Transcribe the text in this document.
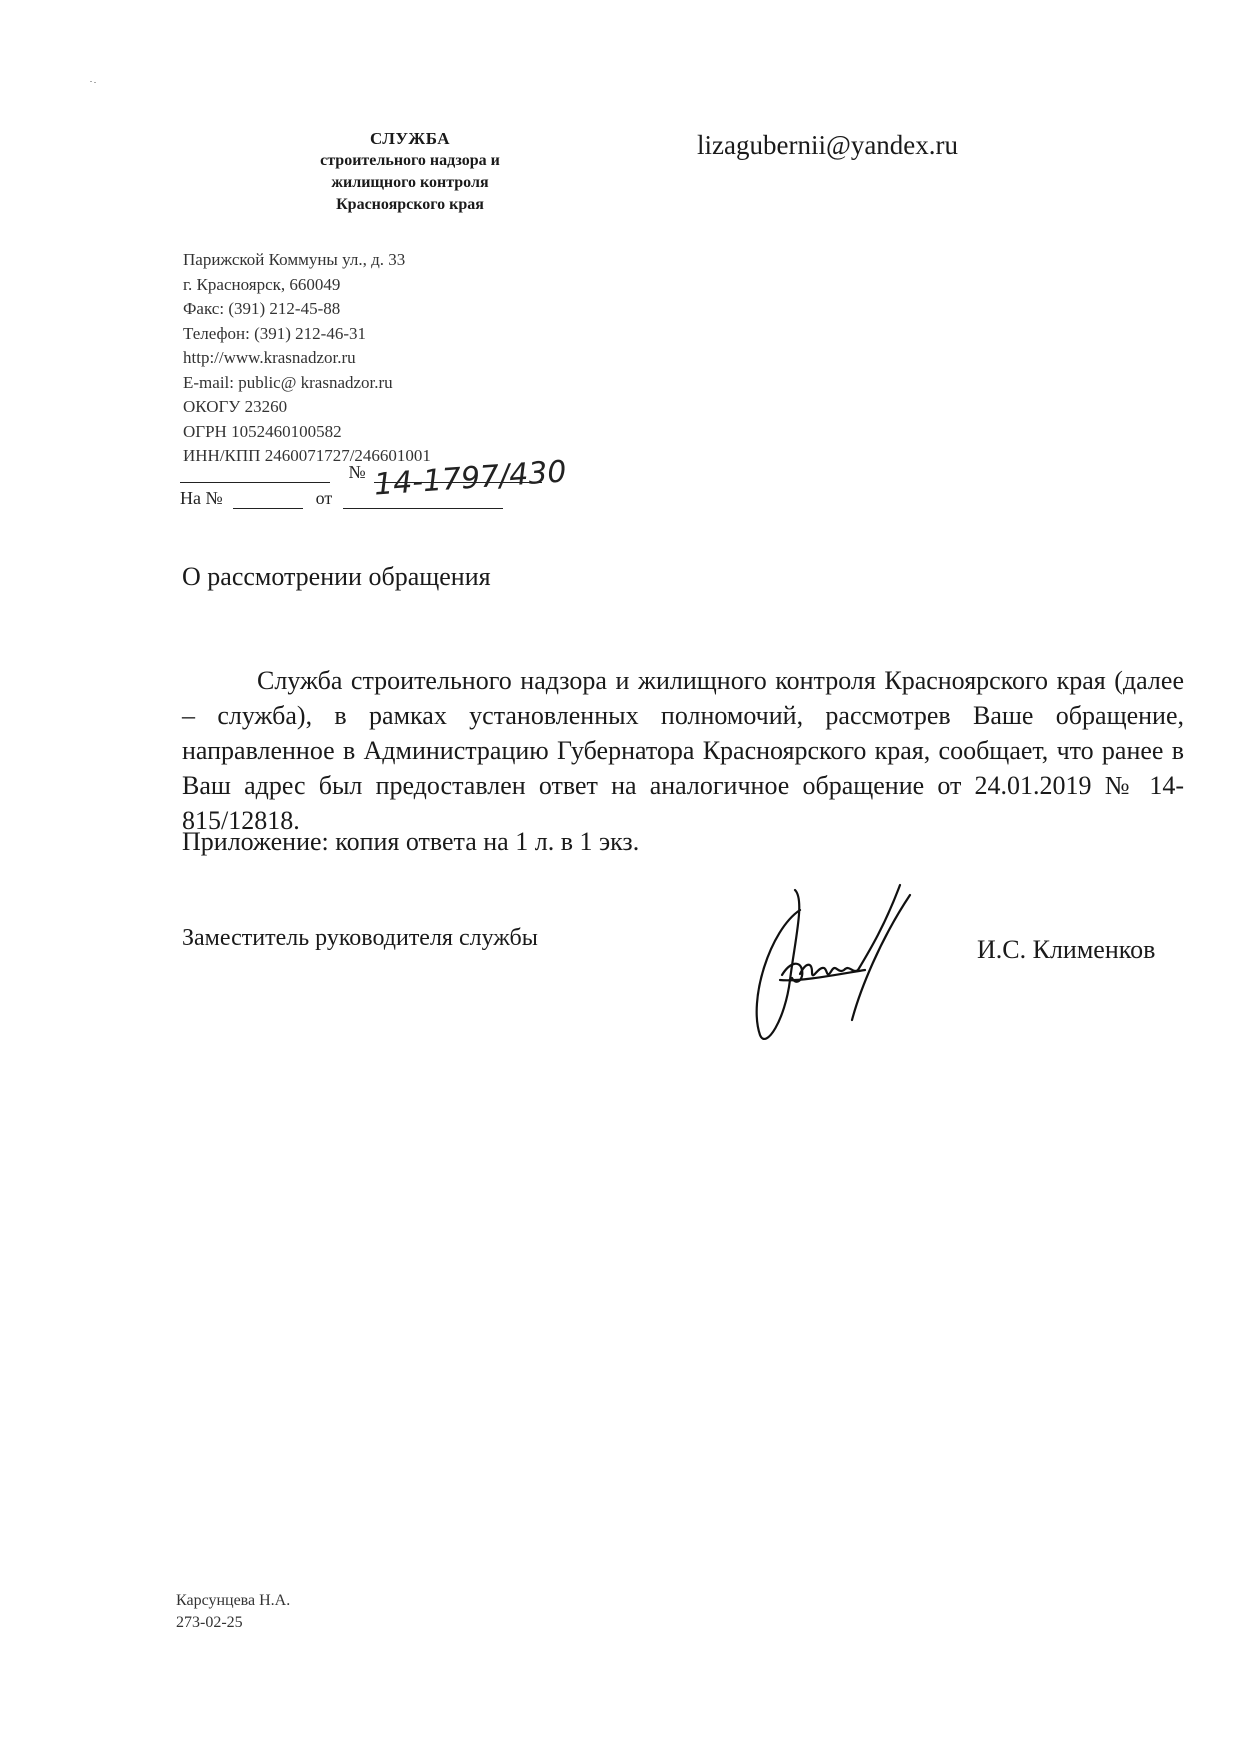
СЛУЖБА
строительного надзора и
жилищного контроля
Красноярского края
lizagubernii@yandex.ru
Парижской Коммуны ул., д. 33
г. Красноярск, 660049
Факс: (391) 212-45-88
Телефон: (391) 212-46-31
http://www.krasnadzor.ru
E-mail: public@ krasnadzor.ru
ОКОГУ 23260
ОГРН 1052460100582
ИНН/КПП 2460071727/246601001
№ 14-1797/430
На №	от
О рассмотрении обращения

Служба строительного надзора и жилищного контроля Красноярского края (далее – служба), в рамках установленных полномочий, рассмотрев Ваше обращение, направленное в Администрацию Губернатора Красноярского края, сообщает, что ранее в Ваш адрес был предоставлен ответ на аналогичное обращение от 24.01.2019 № 14-815/12818.

Приложение: копия ответа на 1 л. в 1 экз.
Заместитель руководителя службы	И.С. Клименков
Карсунцева Н.А.
273-02-25
